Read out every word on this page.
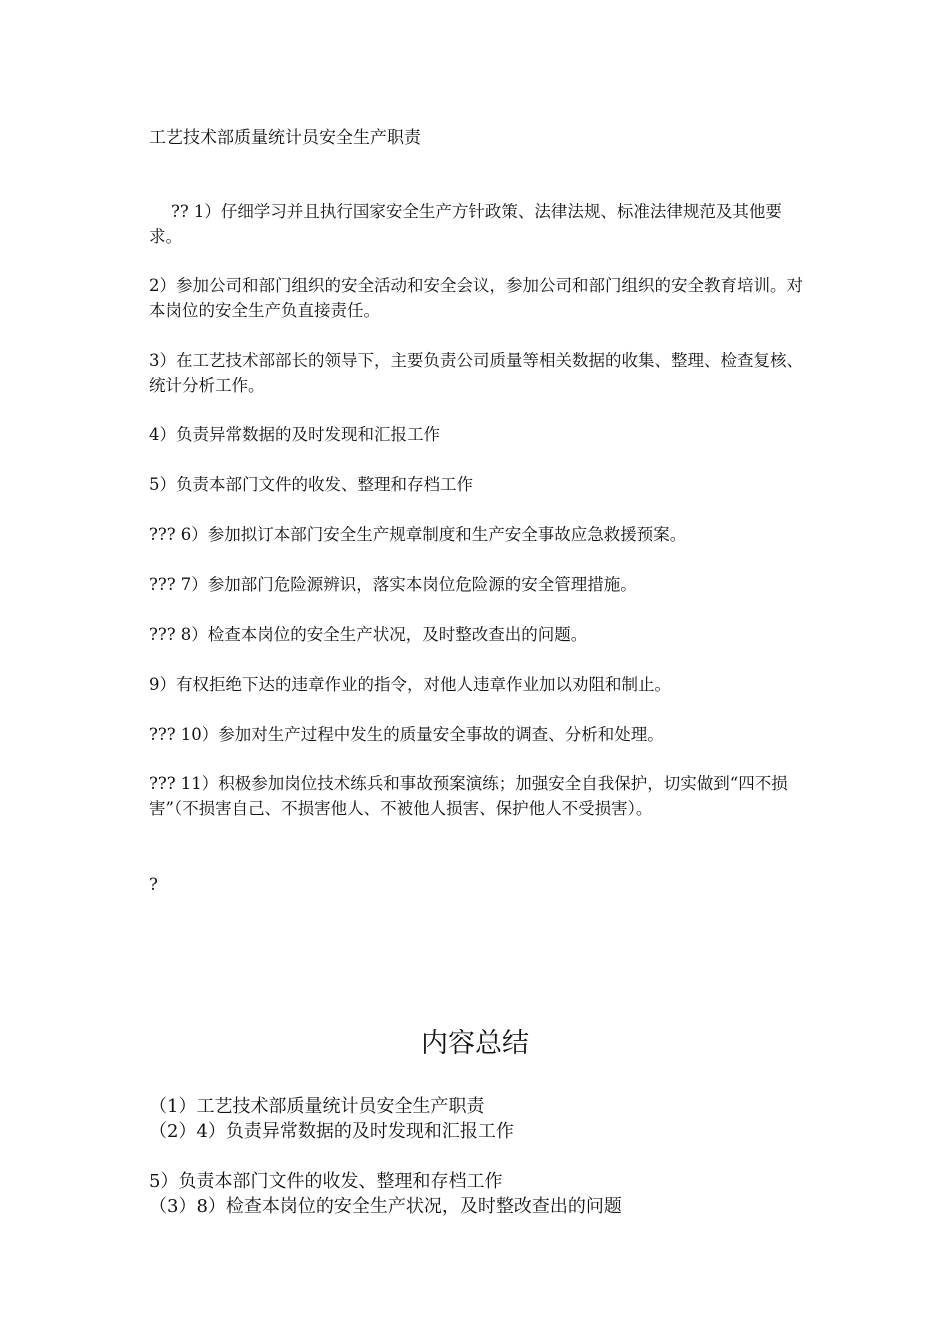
工艺技术部质量统计员安全生产职责

?? 1）仔细学习并且执行国家安全生产方针政策、法律法规、标准法律规范及其他要求。

2）参加公司和部门组织的安全活动和安全会议，参加公司和部门组织的安全教育培训。对本岗位的安全生产负直接责任。

3）在工艺技术部部长的领导下，主要负责公司质量等相关数据的收集、整理、检查复核、统计分析工作。

4）负责异常数据的及时发现和汇报工作

5）负责本部门文件的收发、整理和存档工作

??? 6）参加拟订本部门安全生产规章制度和生产安全事故应急救援预案。

??? 7）参加部门危险源辨识，落实本岗位危险源的安全管理措施。

??? 8）检查本岗位的安全生产状况，及时整改查出的问题。

9）有权拒绝下达的违章作业的指令，对他人违章作业加以劝阻和制止。

??? 10）参加对生产过程中发生的质量安全事故的调查、分析和处理。

??? 11）积极参加岗位技术练兵和事故预案演练；加强安全自我保护，切实做到“四不损害”（不损害自己、不损害他人、不被他人损害、保护他人不受损害）。

?

内容总结

（1）工艺技术部质量统计员安全生产职责

（2）4）负责异常数据的及时发现和汇报工作

5）负责本部门文件的收发、整理和存档工作

（3）8）检查本岗位的安全生产状况，及时整改查出的问题
